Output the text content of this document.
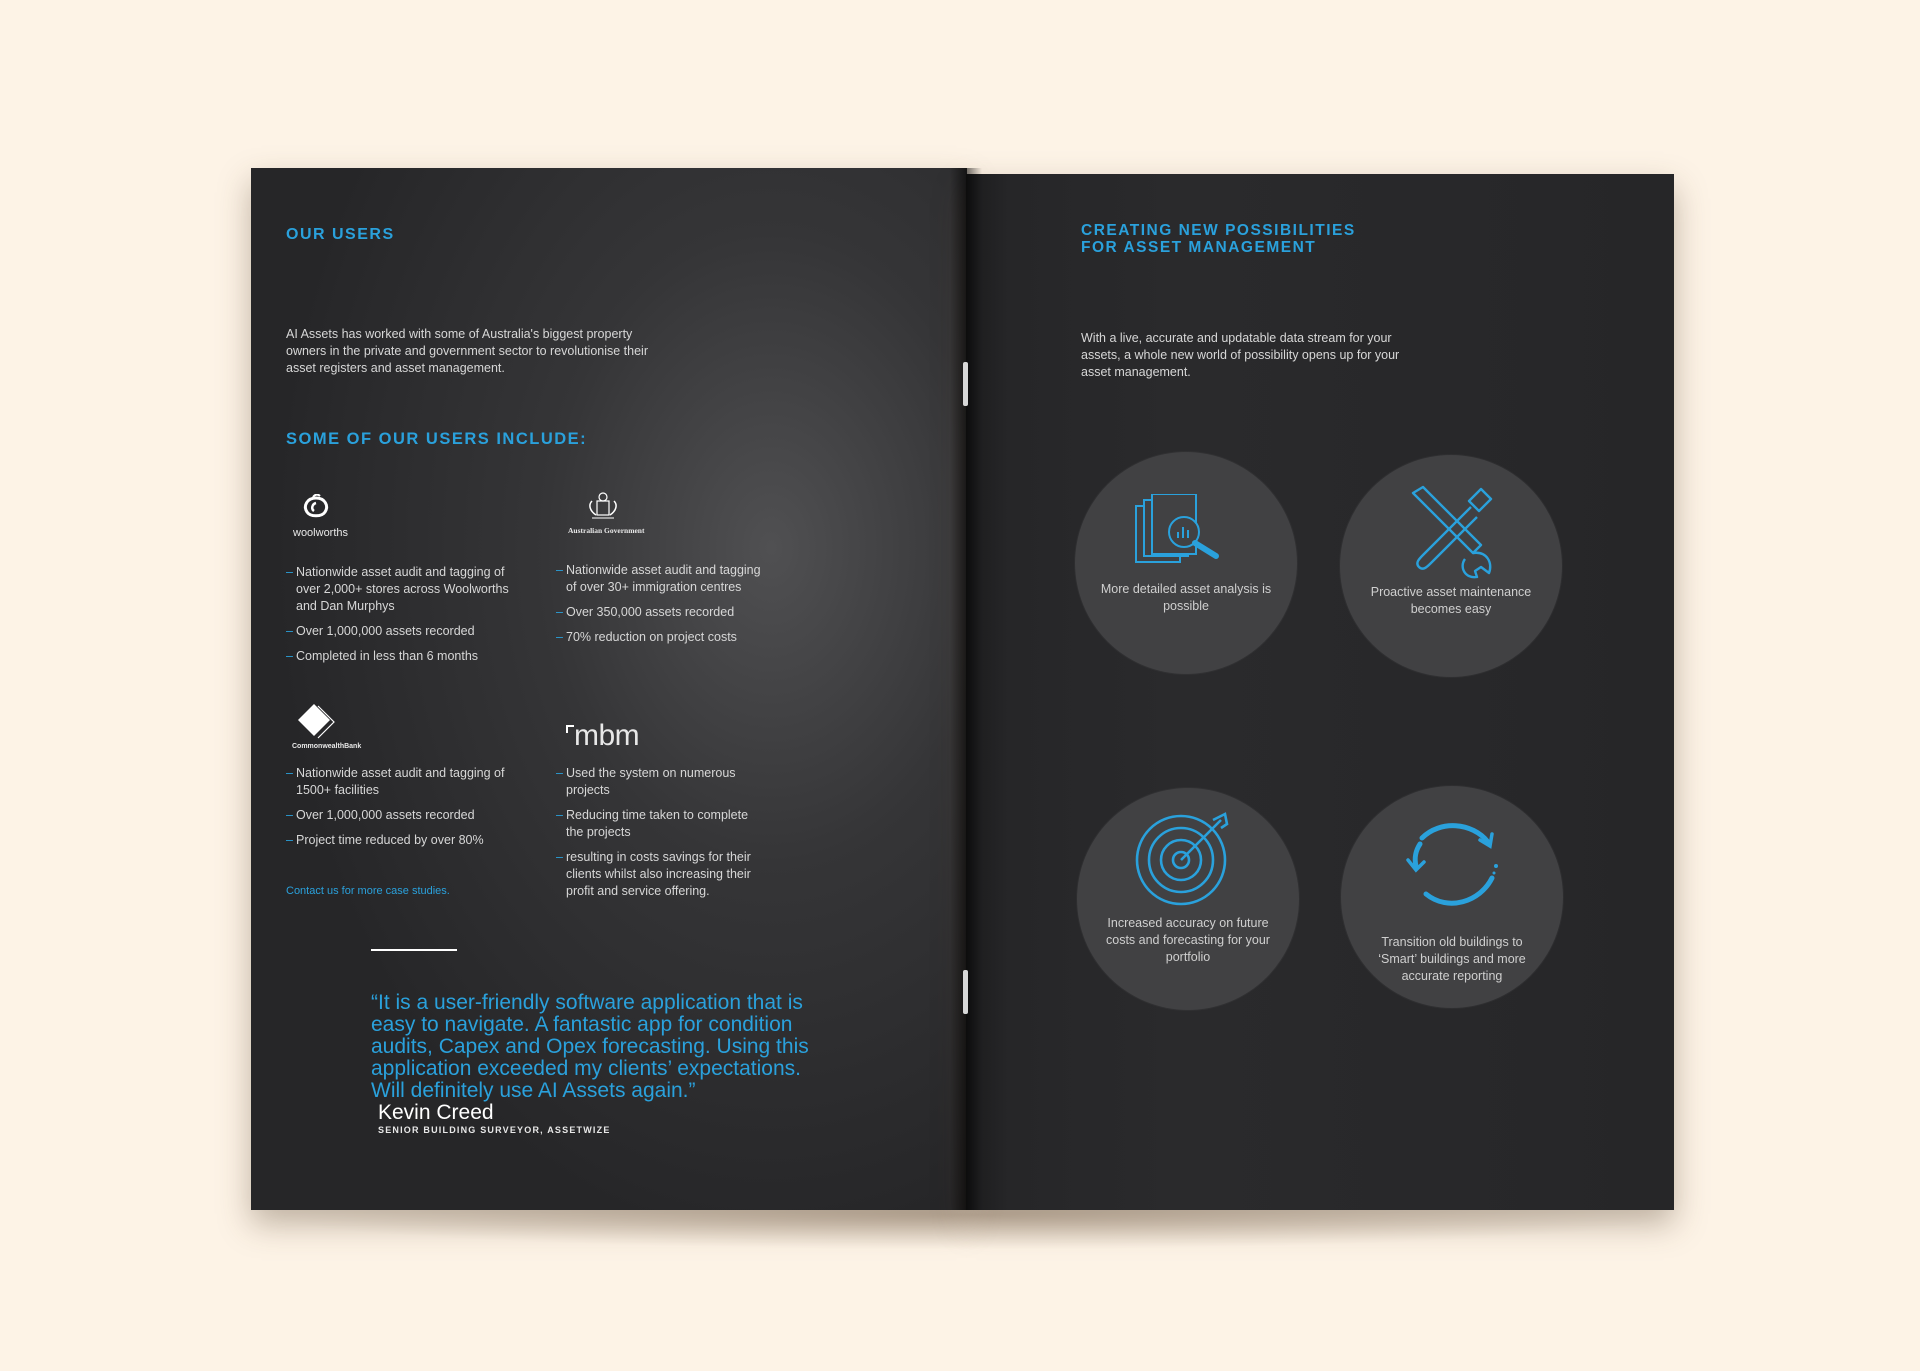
OUR USERS
AI Assets has worked with some of Australia's biggest property owners in the private and government sector to revolutionise their asset registers and asset management.
SOME OF OUR USERS INCLUDE:
woolworths
– Nationwide asset audit and tagging of over 2,000+ stores across Woolworths and Dan Murphys
– Over 1,000,000 assets recorded
– Completed in less than 6 months
Australian Government
– Nationwide asset audit and tagging of over 30+ immigration centres
– Over 350,000 assets recorded
– 70% reduction on project costs
CommonwealthBank
– Nationwide asset audit and tagging of 1500+ facilities
– Over 1,000,000 assets recorded
– Project time reduced by over 80%
mbm
– Used the system on numerous projects
– Reducing time taken to complete the projects
– resulting in costs savings for their clients whilst also increasing their profit and service offering.
Contact us for more case studies.
“It is a user-friendly software application that is easy to navigate. A fantastic app for condition audits, Capex and Opex forecasting. Using this application exceeded my clients’ expectations. Will definitely use AI Assets again.”
Kevin Creed
SENIOR BUILDING SURVEYOR, ASSETWIZE
CREATING NEW POSSIBILITIES
FOR ASSET MANAGEMENT
With a live, accurate and updatable data stream for your assets, a whole new world of possibility opens up for your asset management.
More detailed asset analysis is possible
Proactive asset maintenance becomes easy
Increased accuracy on future costs and forecasting for your portfolio
Transition old buildings to ‘Smart’ buildings and more accurate reporting
